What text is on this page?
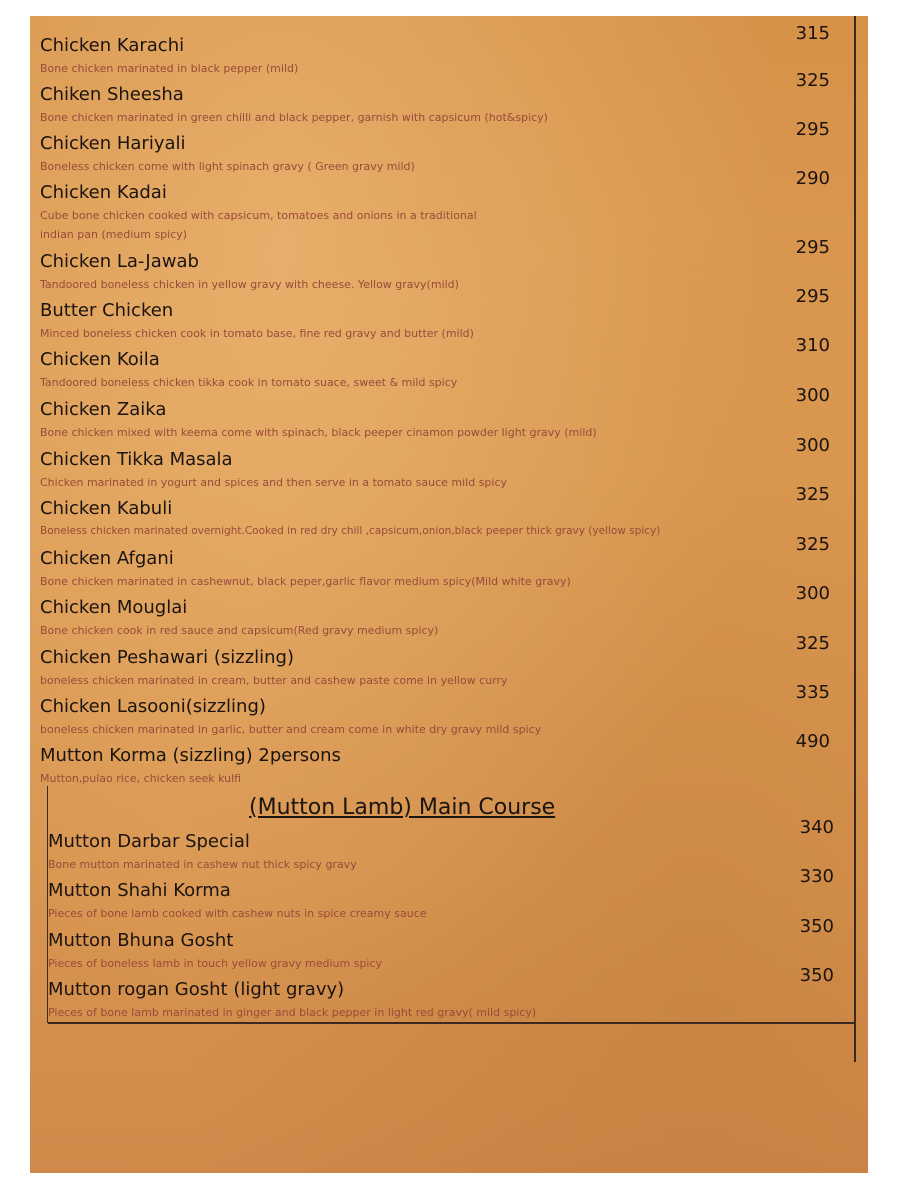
Chicken Karachi
Bone chicken marinated in black pepper (mild)
315
Chiken Sheesha
Bone chicken marinated in green chilli and black pepper, garnish with capsicum (hot&spicy)
325
Chicken Hariyali
Boneless chicken come with light spinach gravy ( Green gravy mild)
295
Chicken Kadai
Cube bone chicken cooked with capsicum, tomatoes and onions in a traditional indian pan (medium spicy)
290
Chicken La-Jawab
Tandoored boneless chicken in yellow gravy with cheese. Yellow gravy(mild)
295
Butter Chicken
Minced boneless chicken cook in tomato base, fine red gravy and butter (mild)
295
Chicken Koila
Tandoored boneless chicken tikka cook in tomato suace, sweet & mild spicy
310
Chicken Zaika
Bone chicken mixed with keema come with spinach, black peeper cinamon powder light gravy (mild)
300
Chicken Tikka Masala
Chicken marinated in yogurt and spices and then serve in a tomato sauce mild spicy
300
Chicken Kabuli
Boneless chicken marinated overnight.Cooked in red dry chill ,capsicum,onion,black peeper thick gravy (yellow spicy)
325
Chicken Afgani
Bone chicken marinated in cashewnut, black peper,garlic flavor medium spicy(Mild white gravy)
325
Chicken Mouglai
Bone chicken cook in red sauce and capsicum(Red gravy medium spicy)
300
Chicken Peshawari (sizzling)
boneless chicken marinated in cream, butter and cashew paste come in yellow curry
325
Chicken Lasooni(sizzling)
boneless chicken marinated in garlic, butter and cream come in white dry gravy mild spicy
335
Mutton Korma (sizzling) 2persons
Mutton,pulao rice, chicken seek kulfi
490
(Mutton Lamb) Main Course
Mutton Darbar Special
Bone mutton marinated in cashew nut thick spicy gravy
340
Mutton Shahi Korma
Pieces of bone lamb cooked with cashew nuts in spice creamy sauce
330
Mutton Bhuna Gosht
Pieces of boneless lamb in touch yellow gravy medium spicy
350
Mutton rogan Gosht (light gravy)
Pieces of bone lamb marinated in ginger and black pepper in light red gravy( mild spicy)
350
